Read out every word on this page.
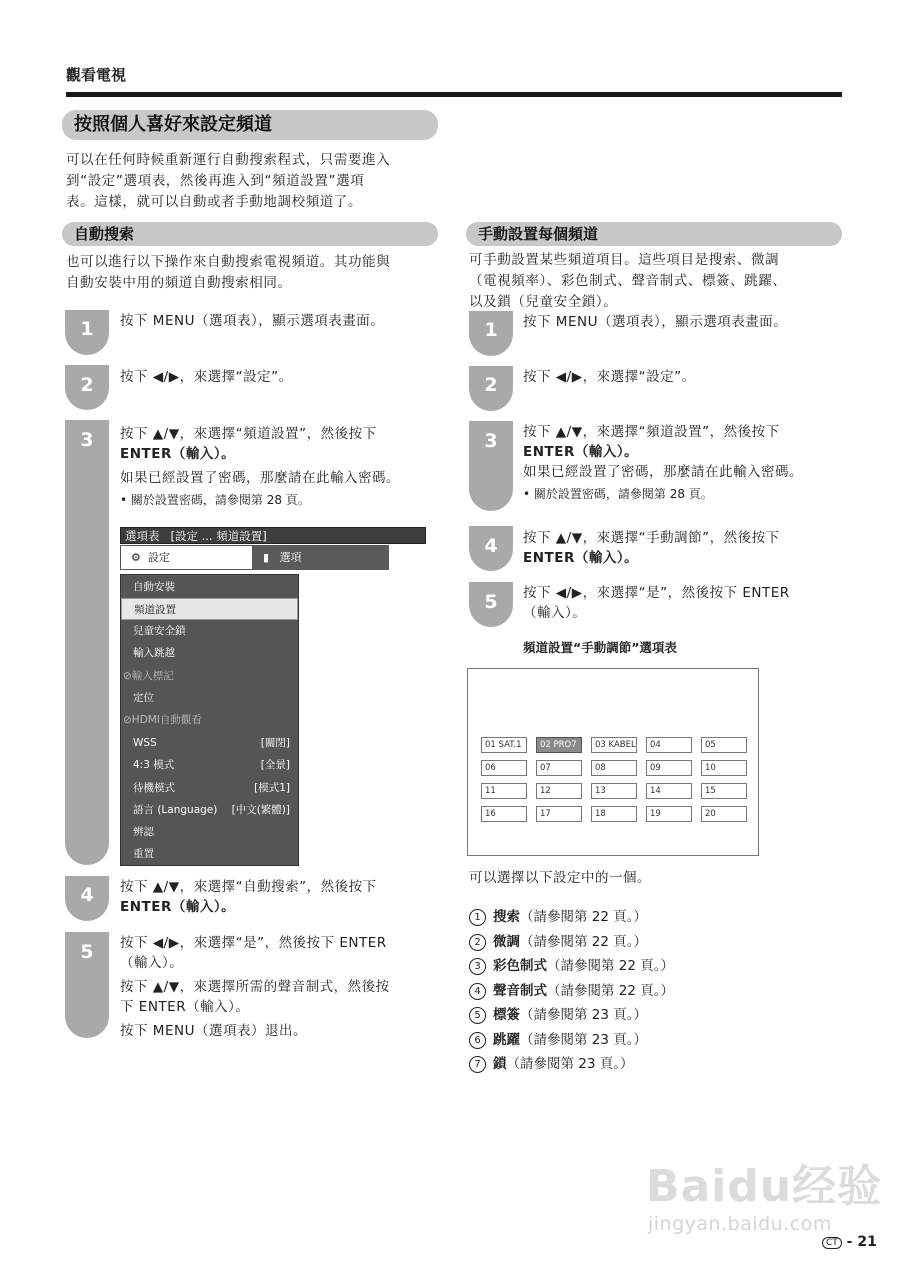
觀看電視
按照個人喜好來設定頻道
可以在任何時候重新運行自動搜索程式，只需要進入
到“設定”選項表，然後再進入到“頻道設置”選項
表。這樣，就可以自動或者手動地調校頻道了。
自動搜索
也可以進行以下操作來自動搜索電視頻道。其功能與
自動安裝中用的頻道自動搜索相同。
1	按下 MENU（選項表），顯示選項表畫面。
2	按下 ◀/▶，來選擇“設定”。
3	按下 ▲/▼，來選擇“頻道設置”，然後按下
ENTER（輸入）。
如果已經設置了密碼，那麼請在此輸入密碼。
• 關於設置密碼，請參閱第 28 頁。
選項表 [設定 ... 頻道設置]
⚙ 設定	▮ 選項
自動安裝
頻道設置
兒童安全鎖
輸入跳越
⊘輸入標記
定位
⊘HDMI自動觀看
WSS	[關閉]
4:3 模式	[全景]
待機模式	[模式1]
語言 (Language) [中文(繁體)]
辨認
重置
4	按下 ▲/▼，來選擇“自動搜索”，然後按下
ENTER（輸入）。
5	按下 ◀/▶，來選擇“是”，然後按下 ENTER
（輸入）。
按下 ▲/▼，來選擇所需的聲音制式，然後按
下 ENTER（輸入）。
按下 MENU（選項表）退出。
手動設置每個頻道
可手動設置某些頻道項目。這些項目是搜索、微調
（電視頻率）、彩色制式、聲音制式、標簽、跳躍、
以及鎖（兒童安全鎖）。
1	按下 MENU（選項表），顯示選項表畫面。
2	按下 ◀/▶，來選擇“設定”。
3	按下 ▲/▼，來選擇“頻道設置”，然後按下
ENTER（輸入）。
如果已經設置了密碼，那麼請在此輸入密碼。
• 關於設置密碼，請參閱第 28 頁。
4	按下 ▲/▼，來選擇“手動調節”，然後按下
ENTER（輸入）。
5	按下 ◀/▶，來選擇“是”，然後按下 ENTER
（輸入）。
頻道設置“手動調節”選項表
01 SAT.1	02 PRO7	03 KABEL	04	05
06	07	08	09	10
11	12	13	14	15
16	17	18	19	20
可以選擇以下設定中的一個。
1 搜索（請參閱第 22 頁。）
2 微調（請參閱第 22 頁。）
3 彩色制式（請參閱第 22 頁。）
4 聲音制式（請參閱第 22 頁。）
5 標簽（請參閱第 23 頁。）
6 跳躍（請參閱第 23 頁。）
7 鎖（請參閱第 23 頁。）
Baidu经验
jingyan.baidu.com
CT - 21
